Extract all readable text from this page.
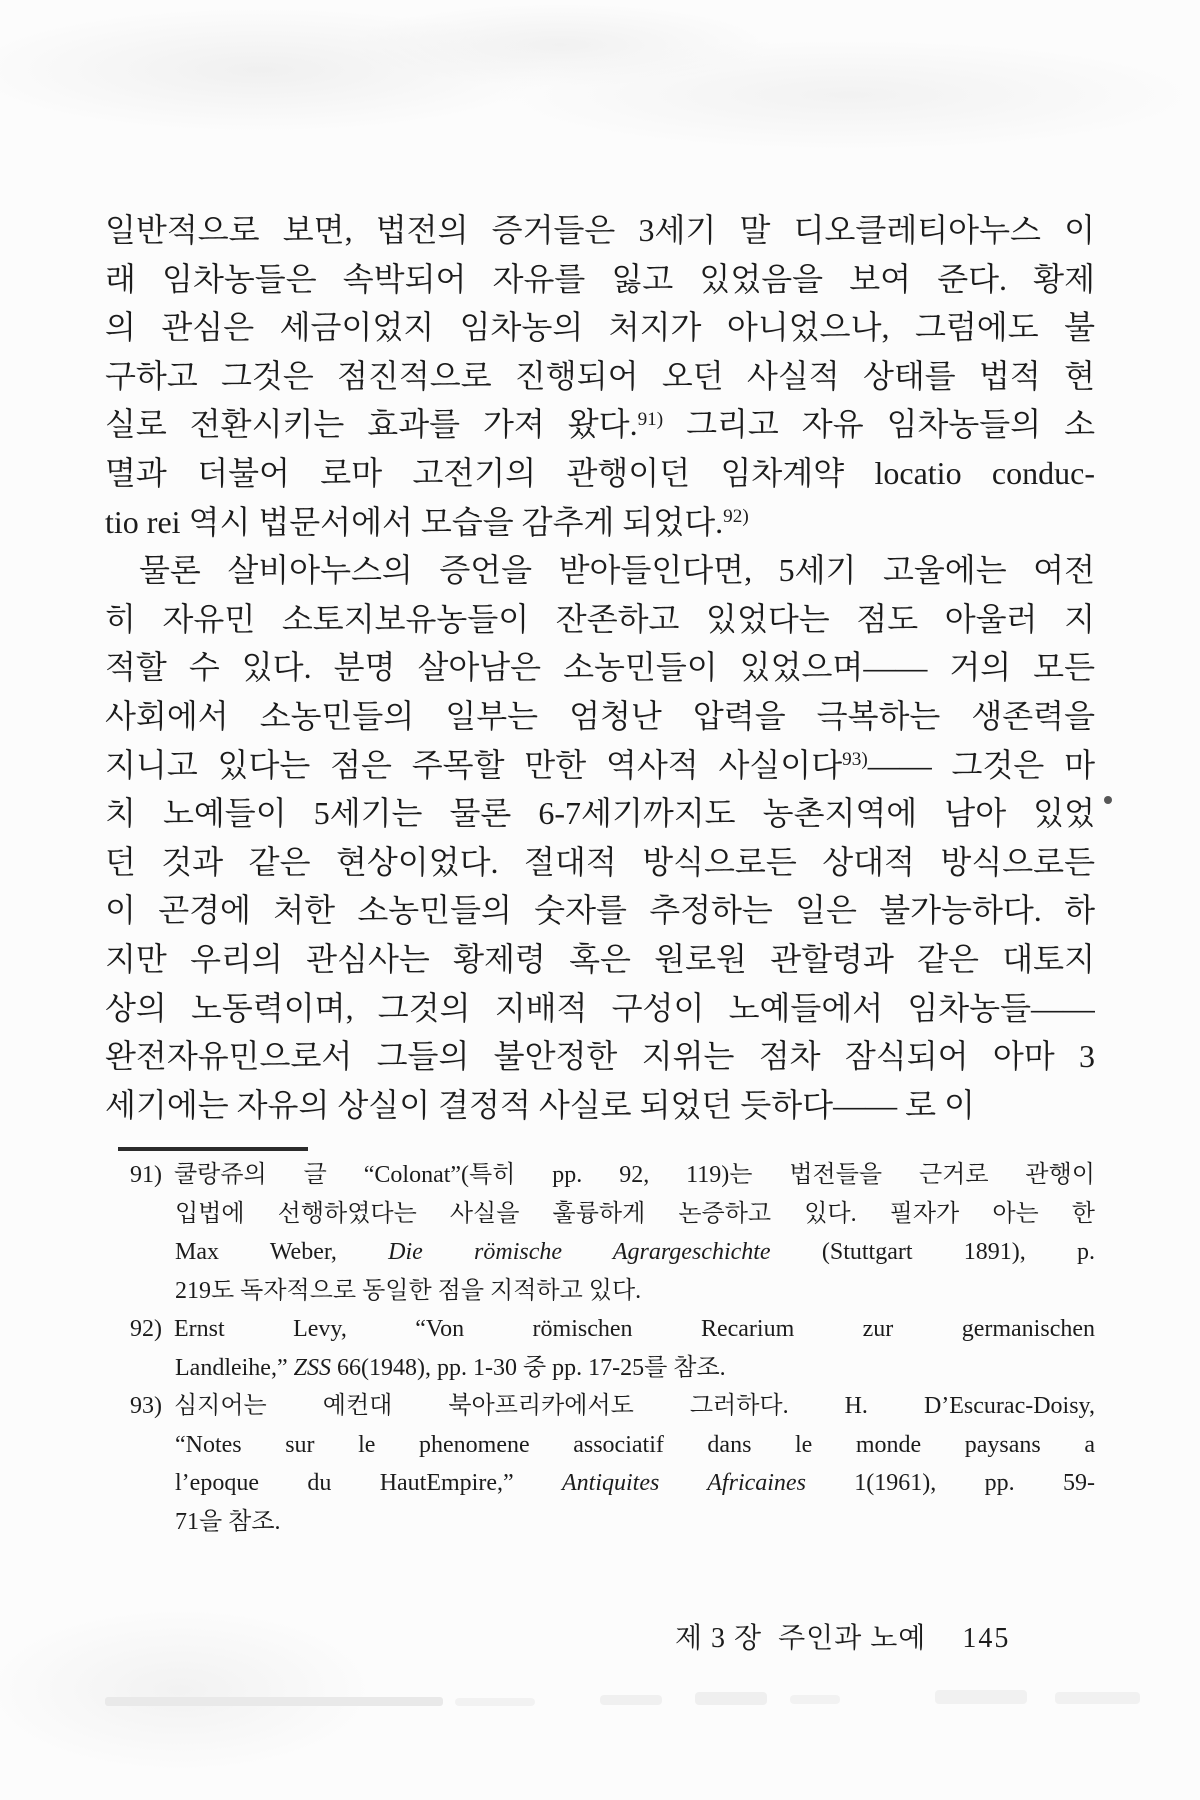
일반적으로 보면, 법전의 증거들은 3세기 말 디오클레티아누스 이
래 임차농들은 속박되어 자유를 잃고 있었음을 보여 준다. 황제
의 관심은 세금이었지 임차농의 처지가 아니었으나, 그럼에도 불
구하고 그것은 점진적으로 진행되어 오던 사실적 상태를 법적 현
실로 전환시키는 효과를 가져 왔다.$^{91)}$ 그리고 자유 임차농들의 소
멸과 더불어 로마 고전기의 관행이던 임차계약 locatio conduc-
tio rei 역시 법문서에서 모습을 감추게 되었다.$^{92)}$
물론 살비아누스의 증언을 받아들인다면, 5세기 고울에는 여전
히 자유민 소토지보유농들이 잔존하고 있었다는 점도 아울러 지
적할 수 있다. 분명 살아남은 소농민들이 있었으며—— 거의 모든
사회에서 소농민들의 일부는 엄청난 압력을 극복하는 생존력을
지니고 있다는 점은 주목할 만한 역사적 사실이다$^{93)}$—— 그것은 마
치 노예들이 5세기는 물론 6-7세기까지도 농촌지역에 남아 있었
던 것과 같은 현상이었다. 절대적 방식으로든 상대적 방식으로든
이 곤경에 처한 소농민들의 숫자를 추정하는 일은 불가능하다. 하
지만 우리의 관심사는 황제령 혹은 원로원 관할령과 같은 대토지
상의 노동력이며, 그것의 지배적 구성이 노예들에서 임차농들——
완전자유민으로서 그들의 불안정한 지위는 점차 잠식되어 아마 3
세기에는 자유의 상실이 결정적 사실로 되었던 듯하다—— 로 이
91) 쿨랑쥬의 글 “Colonat”(특히 pp. 92, 119)는 법전들을 근거로 관행이
입법에 선행하였다는 사실을 훌륭하게 논증하고 있다. 필자가 아는 한
Max Weber, Die römische Agrargeschichte (Stuttgart 1891), p.
219도 독자적으로 동일한 점을 지적하고 있다.
92) Ernst Levy, “Von römischen Recarium zur germanischen
Landleihe,” ZSS 66(1948), pp. 1-30 중 pp. 17-25를 참조.
93) 심지어는 예컨대 북아프리카에서도 그러하다. H. D’Escurac-Doisy,
“Notes sur le phenomene associatif dans le monde paysans a
l’epoque du HautEmpire,” Antiquites Africaines 1(1961), pp. 59-
71을 참조.
제 3 장 주인과 노예 145
